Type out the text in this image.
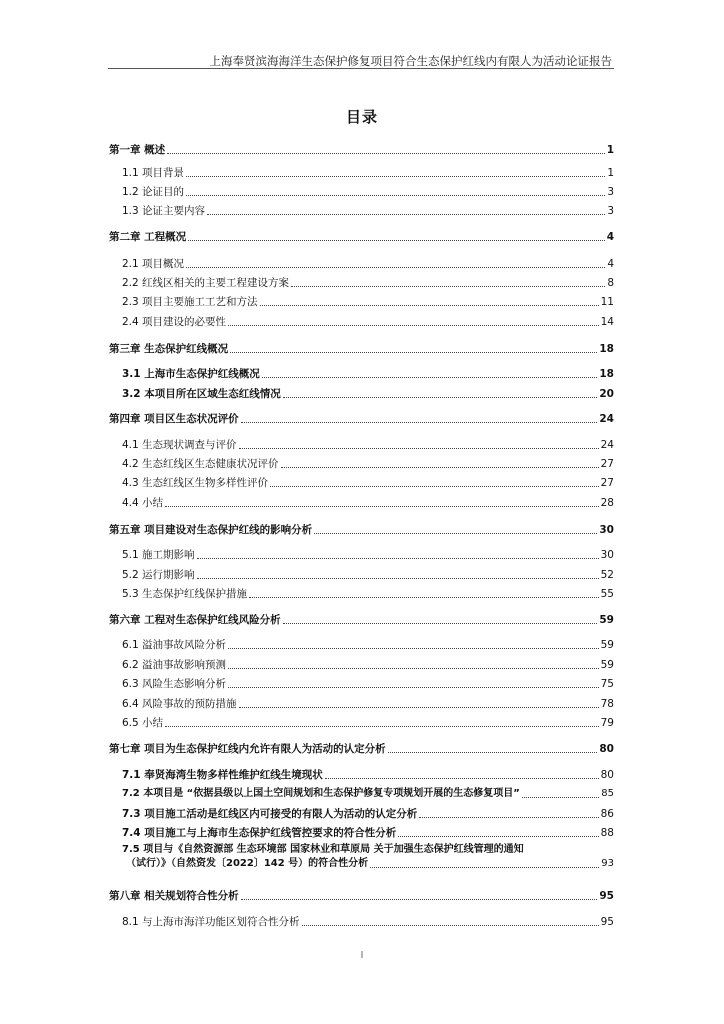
上海奉贤滨海海洋生态保护修复项目符合生态保护红线内有限人为活动论证报告
目录
第一章 概述	1
1.1 项目背景	1
1.2 论证目的	3
1.3 论证主要内容	3
第二章 工程概况	4
2.1 项目概况	4
2.2 红线区相关的主要工程建设方案	8
2.3 项目主要施工工艺和方法	11
2.4 项目建设的必要性	14
第三章 生态保护红线概况	18
3.1 上海市生态保护红线概况	18
3.2 本项目所在区域生态红线情况	20
第四章 项目区生态状况评价	24
4.1 生态现状调查与评价	24
4.2 生态红线区生态健康状况评价	27
4.3 生态红线区生物多样性评价	27
4.4 小结	28
第五章 项目建设对生态保护红线的影响分析	30
5.1 施工期影响	30
5.2 运行期影响	52
5.3 生态保护红线保护措施	55
第六章 工程对生态保护红线风险分析	59
6.1 溢油事故风险分析	59
6.2 溢油事故影响预测	59
6.3 风险生态影响分析	75
6.4 风险事故的预防措施	78
6.5 小结	79
第七章 项目为生态保护红线内允许有限人为活动的认定分析	80
7.1 奉贤海湾生物多样性维护红线生境现状	80
7.2 本项目是 “依据县级以上国土空间规划和生态保护修复专项规划开展的生态修复项目”	85
7.3 项目施工活动是红线区内可接受的有限人为活动的认定分析	86
7.4 项目施工与上海市生态保护红线管控要求的符合性分析	88
7.5 项目与《自然资源部 生态环境部 国家林业和草原局 关于加强生态保护红线管理的通知
（试行）》（自然资发〔2022〕142 号）的符合性分析	93
第八章 相关规划符合性分析	95
8.1 与上海市海洋功能区划符合性分析	95
I
